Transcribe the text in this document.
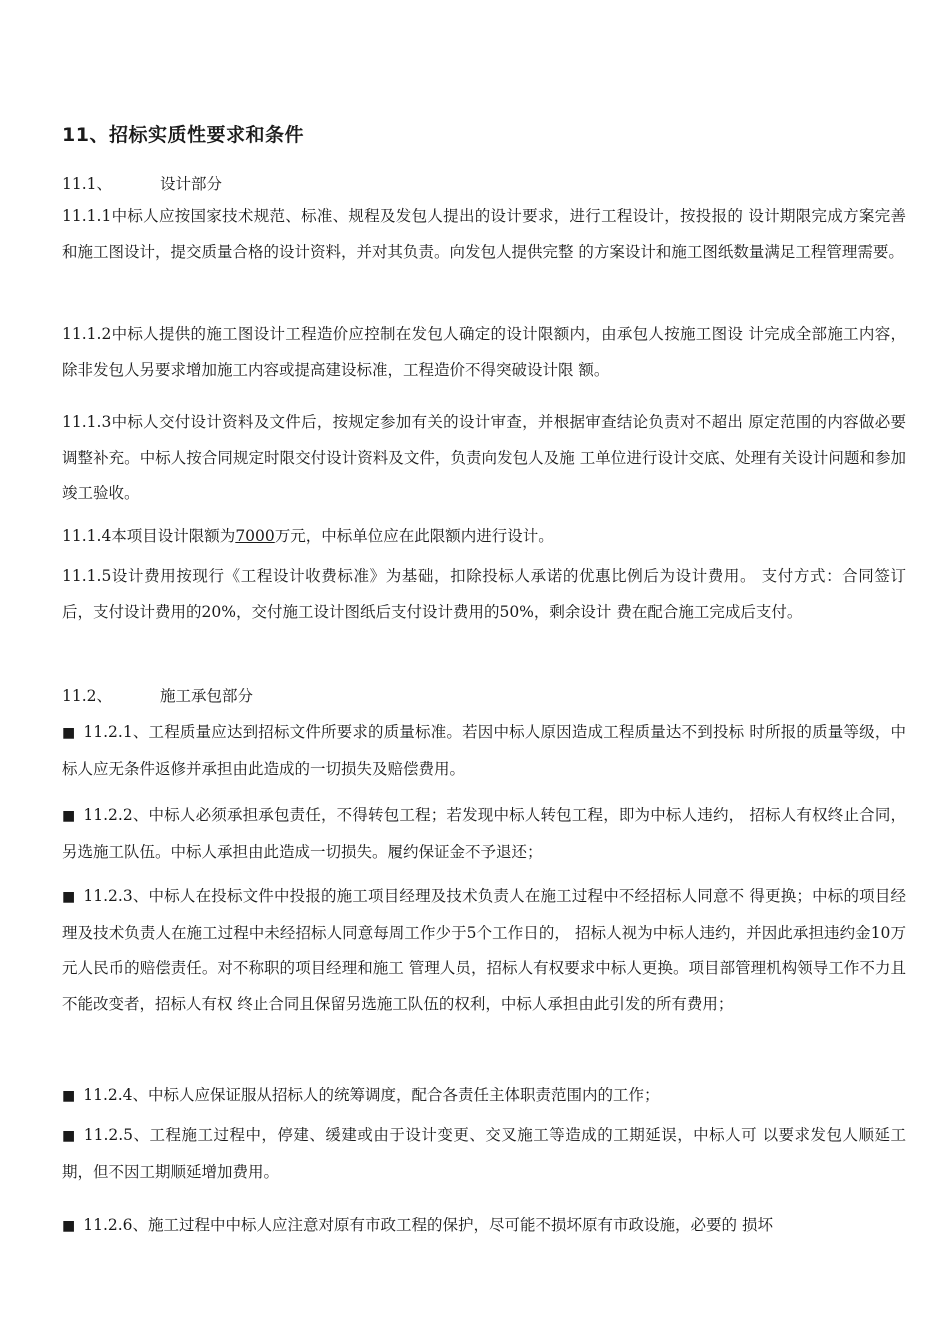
11、招标实质性要求和条件
11.1、	设计部分
11.1.1中标人应按国家技术规范、标准、规程及发包人提出的设计要求，进行工程设计，按投报的 设计期限完成方案完善和施工图设计，提交质量合格的设计资料，并对其负责。向发包人提供完整 的方案设计和施工图纸数量满足工程管理需要。
11.1.2中标人提供的施工图设计工程造价应控制在发包人确定的设计限额内，由承包人按施工图设 计完成全部施工内容，除非发包人另要求增加施工内容或提高建设标准，工程造价不得突破设计限 额。
11.1.3中标人交付设计资料及文件后，按规定参加有关的设计审查，并根据审查结论负责对不超出 原定范围的内容做必要调整补充。中标人按合同规定时限交付设计资料及文件，负责向发包人及施 工单位进行设计交底、处理有关设计问题和参加竣工验收。
11.1.4本项目设计限额为7000万元，中标单位应在此限额内进行设计。
11.1.5设计费用按现行《工程设计收费标准》为基础，扣除投标人承诺的优惠比例后为设计费用。 支付方式：合同签订后，支付设计费用的20%，交付施工设计图纸后支付设计费用的50%，剩余设计 费在配合施工完成后支付。
11.2、	施工承包部分
■ 11.2.1、工程质量应达到招标文件所要求的质量标准。若因中标人原因造成工程质量达不到投标 时所报的质量等级，中标人应无条件返修并承担由此造成的一切损失及赔偿费用。
■ 11.2.2、中标人必须承担承包责任，不得转包工程；若发现中标人转包工程，即为中标人违约， 招标人有权终止合同，另选施工队伍。中标人承担由此造成一切损失。履约保证金不予退还；
■ 11.2.3、中标人在投标文件中投报的施工项目经理及技术负责人在施工过程中不经招标人同意不 得更换；中标的项目经理及技术负责人在施工过程中未经招标人同意每周工作少于5个工作日的， 招标人视为中标人违约，并因此承担违约金10万元人民币的赔偿责任。对不称职的项目经理和施工 管理人员，招标人有权要求中标人更换。项目部管理机构领导工作不力且不能改变者，招标人有权 终止合同且保留另选施工队伍的权利，中标人承担由此引发的所有费用；
■ 11.2.4、中标人应保证服从招标人的统筹调度，配合各责任主体职责范围内的工作；
■ 11.2.5、工程施工过程中，停建、缓建或由于设计变更、交叉施工等造成的工期延误，中标人可 以要求发包人顺延工期，但不因工期顺延增加费用。
■ 11.2.6、施工过程中中标人应注意对原有市政工程的保护，尽可能不损坏原有市政设施，必要的 损坏
